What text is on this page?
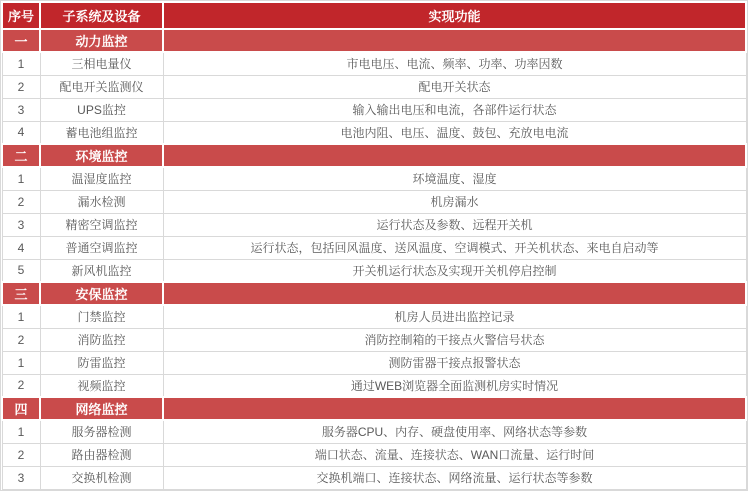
序号	子系统及设备	实现功能
一	动力监控	
1	三相电量仪	市电电压、电流、频率、功率、功率因数
2	配电开关监测仪	配电开关状态
3	UPS监控	输入输出电压和电流，各部件运行状态
4	蓄电池组监控	电池内阻、电压、温度、鼓包、充放电电流
二	环境监控	
1	温湿度监控	环境温度、湿度
2	漏水检测	机房漏水
3	精密空调监控	运行状态及参数、远程开关机
4	普通空调监控	运行状态，包括回风温度、送风温度、空调模式、开关机状态、来电自启动等
5	新风机监控	开关机运行状态及实现开关机停启控制
三	安保监控	
1	门禁监控	机房人员进出监控记录
2	消防监控	消防控制箱的干接点火警信号状态
1	防雷监控	测防雷器干接点报警状态
2	视频监控	通过WEB浏览器全面监测机房实时情况
四	网络监控	
1	服务器检测	服务器CPU、内存、硬盘使用率、网络状态等参数
2	路由器检测	端口状态、流量、连接状态、WAN口流量、运行时间
3	交换机检测	交换机端口、连接状态、网络流量、运行状态等参数
